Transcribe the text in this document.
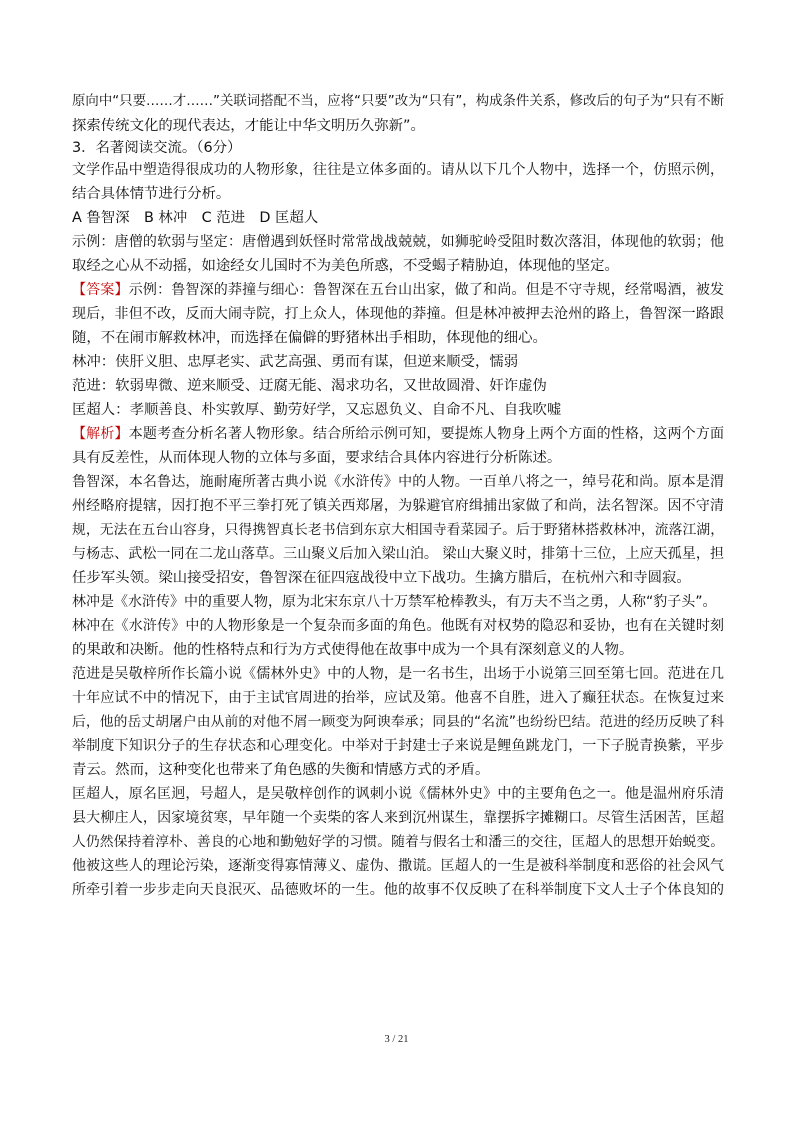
原向中“只要……才……”关联词搭配不当，应将“只要”改为“只有”，构成条件关系，修改后的句子为“只有不断

探索传统文化的现代表达，才能让中华文明历久弥新”。

3．名著阅读交流。（6分）

文学作品中塑造得很成功的人物形象，往往是立体多面的。请从以下几个人物中，选择一个，仿照示例，

结合具体情节进行分析。

A 鲁智深　B 林冲　C 范进　D 匡超人

示例：唐僧的软弱与坚定：唐僧遇到妖怪时常常战战兢兢，如狮驼岭受阻时数次落泪，体现他的软弱；他

取经之心从不动摇，如途经女儿国时不为美色所惑，不受蝎子精胁迫，体现他的坚定。

【答案】示例：鲁智深的莽撞与细心：鲁智深在五台山出家，做了和尚。但是不守寺规，经常喝酒，被发

现后，非但不改，反而大闹寺院，打上众人，体现他的莽撞。但是林冲被押去沧州的路上，鲁智深一路跟

随，不在闹市解救林冲，而选择在偏僻的野猪林出手相助，体现他的细心。

林冲：侠肝义胆、忠厚老实、武艺高强、勇而有谋，但逆来顺受，懦弱

范进：软弱卑微、逆来顺受、迂腐无能、渴求功名，又世故圆滑、奸诈虚伪

匡超人：孝顺善良、朴实敦厚、勤劳好学，又忘恩负义、自命不凡、自我吹嘘

【解析】本题考查分析名著人物形象。结合所给示例可知，要提炼人物身上两个方面的性格，这两个方面

具有反差性，从而体现人物的立体与多面，要求结合具体内容进行分析陈述。

鲁智深，本名鲁达，施耐庵所著古典小说《水浒传》中的人物。一百单八将之一，绰号花和尚。原本是渭

州经略府提辖，因打抱不平三拳打死了镇关西郑屠，为躲避官府缉捕出家做了和尚，法名智深。因不守清

规，无法在五台山容身，只得携智真长老书信到东京大相国寺看菜园子。后于野猪林搭救林冲，流落江湖，

与杨志、武松一同在二龙山落草。三山聚义后加入梁山泊。 梁山大聚义时，排第十三位，上应天孤星，担

任步军头领。梁山接受招安，鲁智深在征四寇战役中立下战功。生擒方腊后，在杭州六和寺圆寂。

林冲是《水浒传》中的重要人物，原为北宋东京八十万禁军枪棒教头，有万夫不当之勇，人称“豹子头”。

林冲在《水浒传》中的人物形象是一个复杂而多面的角色。他既有对权势的隐忍和妥协，也有在关键时刻

的果敢和决断。他的性格特点和行为方式使得他在故事中成为一个具有深刻意义的人物。

范进是吴敬梓所作长篇小说《儒林外史》中的人物，是一名书生，出场于小说第三回至第七回。范进在几

十年应试不中的情况下，由于主试官周进的抬举，应试及第。他喜不自胜，进入了癫狂状态。在恢复过来

后，他的岳丈胡屠户由从前的对他不屑一顾变为阿谀奉承；同县的“名流”也纷纷巴结。范进的经历反映了科

举制度下知识分子的生存状态和心理变化。中举对于封建士子来说是鲤鱼跳龙门，一下子脱青换紫，平步

青云。然而，这种变化也带来了角色感的失衡和情感方式的矛盾。

匡超人，原名匡迥，号超人，是吴敬梓创作的讽刺小说《儒林外史》中的主要角色之一。他是温州府乐清

县大柳庄人，因家境贫寒，早年随一个卖柴的客人来到沉州谋生，靠摆拆字摊糊口。尽管生活困苦，匡超

人仍然保持着淳朴、善良的心地和勤勉好学的习惯。随着与假名士和潘三的交往，匡超人的思想开始蜕变。

他被这些人的理论污染，逐渐变得寡情薄义、虚伪、撒谎。匡超人的一生是被科举制度和恶俗的社会风气

所牵引着一步步走向天良泯灭、品德败坏的一生。他的故事不仅反映了在科举制度下文人士子个体良知的

3 / 21
